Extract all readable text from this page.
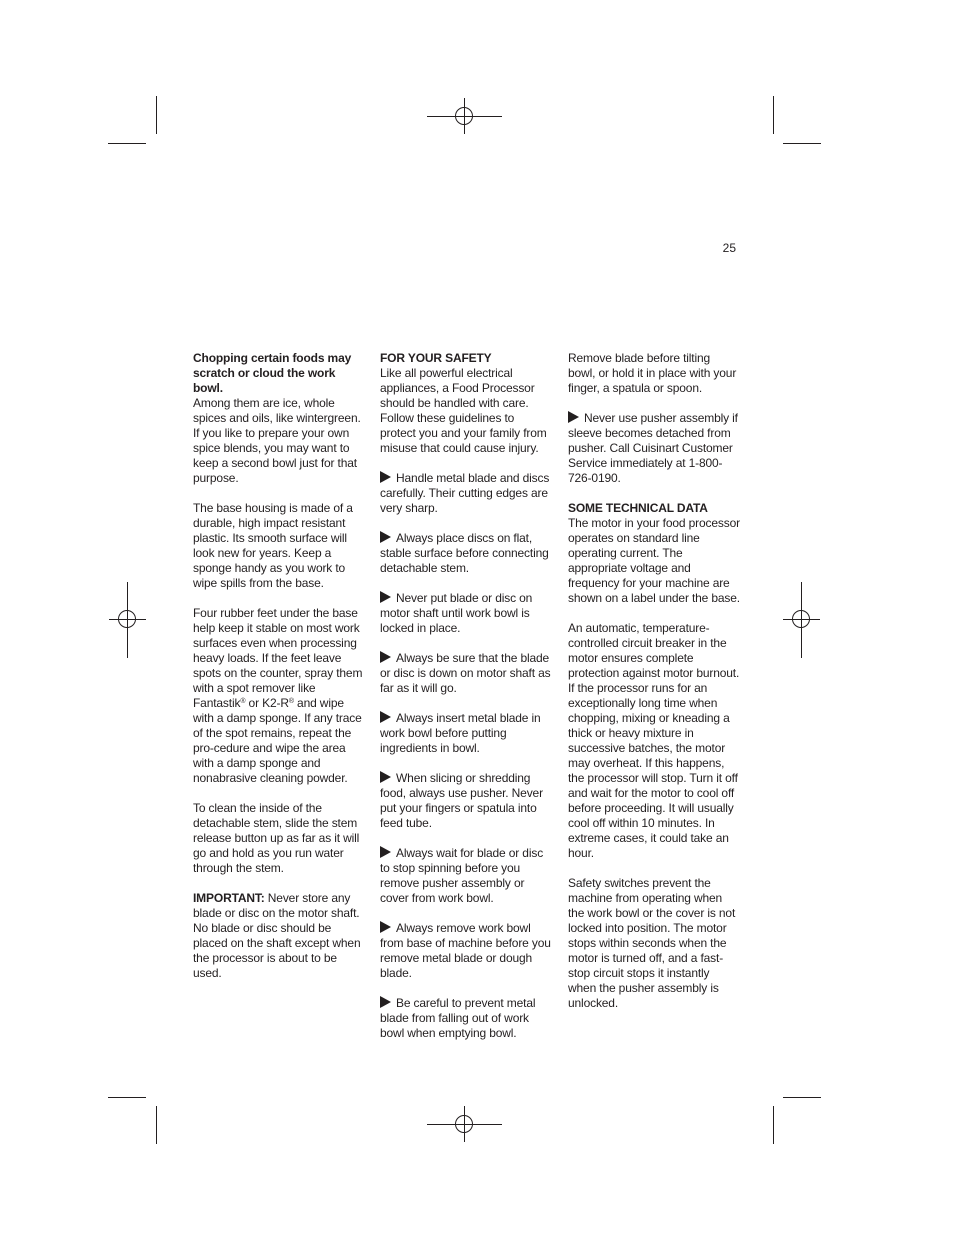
25

Chopping certain foods may scratch or cloud the work bowl.
Among them are ice, whole spices and oils, like wintergreen. If you like to prepare your own spice blends, you may want to keep a second bowl just for that purpose.

The base housing is made of a durable, high impact resistant plastic. Its smooth surface will look new for years. Keep a sponge handy as you work to wipe spills from the base.

Four rubber feet under the base help keep it stable on most work surfaces even when processing heavy loads. If the feet leave spots on the counter, spray them with a spot remover like Fantastik® or K2-R® and wipe with a damp sponge. If any trace of the spot remains, repeat the pro-cedure and wipe the area with a damp sponge and nonabrasive cleaning powder.

To clean the inside of the detachable stem, slide the stem release button up as far as it will go and hold as you run water through the stem.

IMPORTANT: Never store any blade or disc on the motor shaft. No blade or disc should be placed on the shaft except when the processor is about to be used.

FOR YOUR SAFETY
Like all powerful electrical appliances, a Food Processor should be handled with care. Follow these guidelines to protect you and your family from misuse that could cause injury.

Handle metal blade and discs carefully. Their cutting edges are very sharp.

Always place discs on flat, stable surface before connecting detachable stem.

Never put blade or disc on motor shaft until work bowl is locked in place.

Always be sure that the blade or disc is down on motor shaft as far as it will go.

Always insert metal blade in work bowl before putting ingredients in bowl.

When slicing or shredding food, always use pusher. Never put your fingers or spatula into feed tube.

Always wait for blade or disc to stop spinning before you remove pusher assembly or cover from work bowl.

Always remove work bowl from base of machine before you remove metal blade or dough blade.

Be careful to prevent metal blade from falling out of work bowl when emptying bowl.

Remove blade before tilting bowl, or hold it in place with your finger, a spatula or spoon.

Never use pusher assembly if sleeve becomes detached from pusher. Call Cuisinart Customer Service immediately at 1-800-726-0190.

SOME TECHNICAL DATA
The motor in your food processor operates on standard line operating current. The appropriate voltage and frequency for your machine are shown on a label under the base.

An automatic, temperature-controlled circuit breaker in the motor ensures complete protection against motor burnout. If the processor runs for an exceptionally long time when chopping, mixing or kneading a thick or heavy mixture in successive batches, the motor may overheat. If this happens, the processor will stop. Turn it off and wait for the motor to cool off before proceeding. It will usually cool off within 10 minutes. In extreme cases, it could take an hour.

Safety switches prevent the machine from operating when the work bowl or the cover is not locked into position. The motor stops within seconds when the motor is turned off, and a fast-stop circuit stops it instantly when the pusher assembly is unlocked.
